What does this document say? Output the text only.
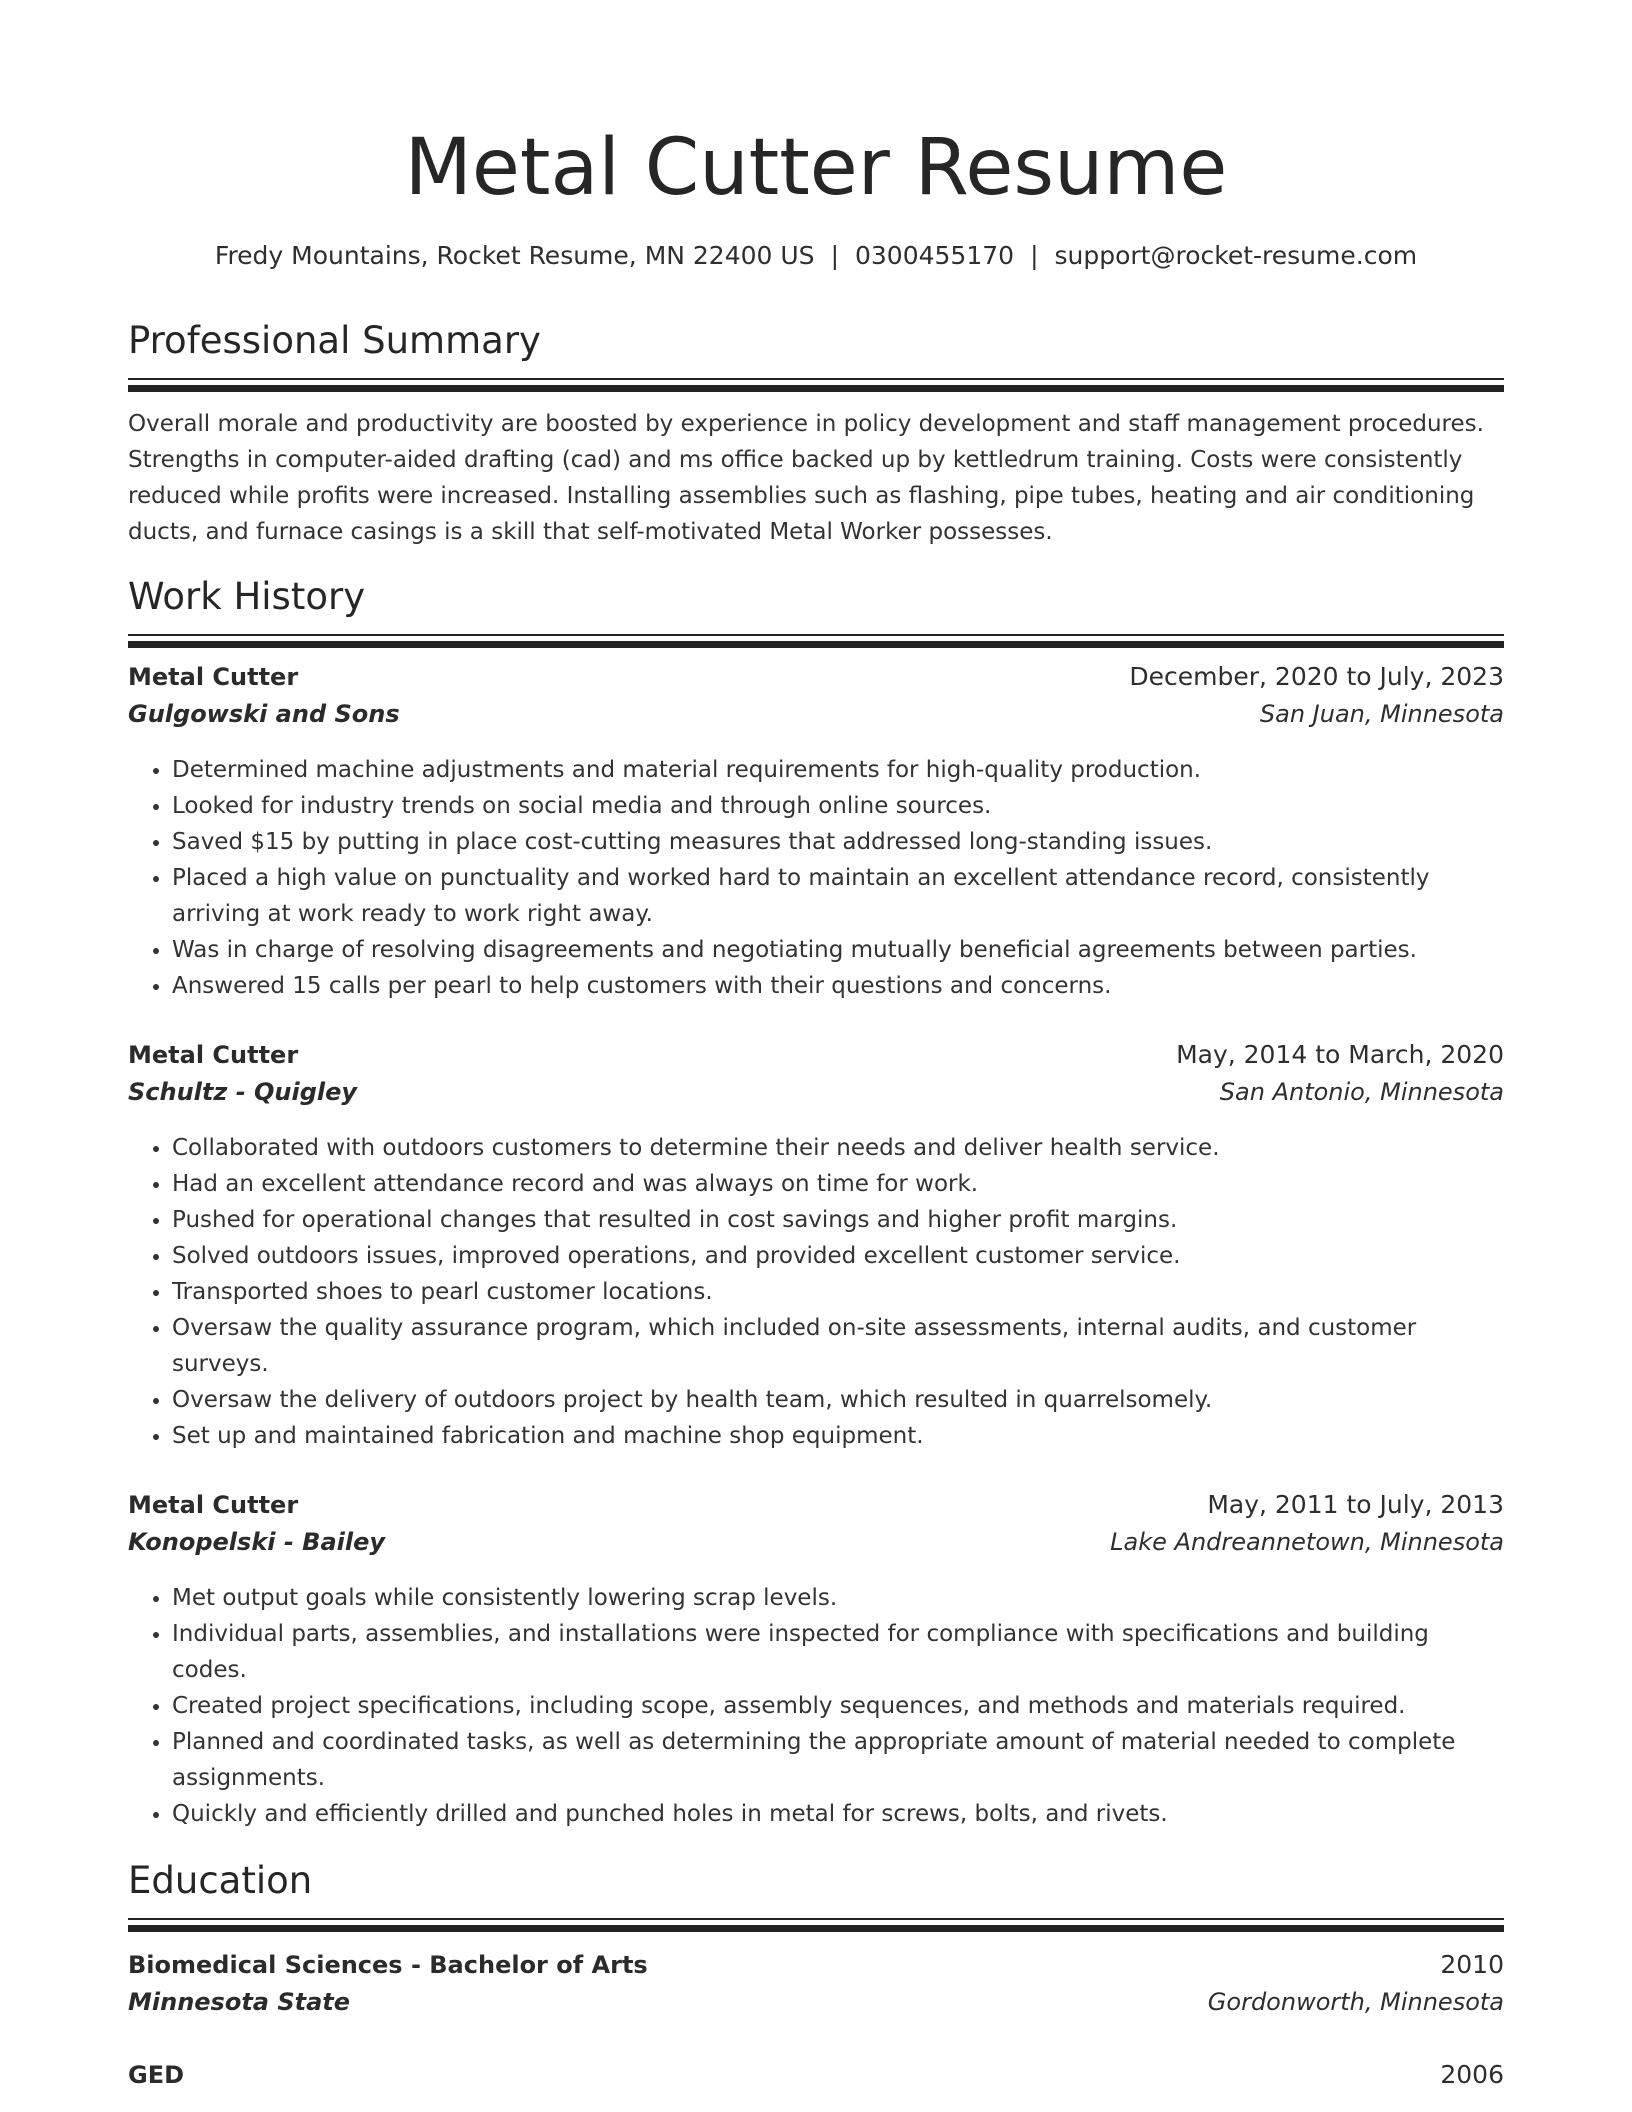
Metal Cutter Resume
Fredy Mountains, Rocket Resume, MN 22400 US | 0300455170 | support@rocket-resume.com
Professional Summary
Overall morale and productivity are boosted by experience in policy development and staff management procedures. Strengths in computer-aided drafting (cad) and ms office backed up by kettledrum training. Costs were consistently reduced while profits were increased. Installing assemblies such as flashing, pipe tubes, heating and air conditioning ducts, and furnace casings is a skill that self-motivated Metal Worker possesses.
Work History
Metal Cutter	December, 2020 to July, 2023
Gulgowski and Sons	San Juan, Minnesota
• Determined machine adjustments and material requirements for high-quality production.
• Looked for industry trends on social media and through online sources.
• Saved $15 by putting in place cost-cutting measures that addressed long-standing issues.
• Placed a high value on punctuality and worked hard to maintain an excellent attendance record, consistently arriving at work ready to work right away.
• Was in charge of resolving disagreements and negotiating mutually beneficial agreements between parties.
• Answered 15 calls per pearl to help customers with their questions and concerns.
Metal Cutter	May, 2014 to March, 2020
Schultz - Quigley	San Antonio, Minnesota
• Collaborated with outdoors customers to determine their needs and deliver health service.
• Had an excellent attendance record and was always on time for work.
• Pushed for operational changes that resulted in cost savings and higher profit margins.
• Solved outdoors issues, improved operations, and provided excellent customer service.
• Transported shoes to pearl customer locations.
• Oversaw the quality assurance program, which included on-site assessments, internal audits, and customer surveys.
• Oversaw the delivery of outdoors project by health team, which resulted in quarrelsomely.
• Set up and maintained fabrication and machine shop equipment.
Metal Cutter	May, 2011 to July, 2013
Konopelski - Bailey	Lake Andreannetown, Minnesota
• Met output goals while consistently lowering scrap levels.
• Individual parts, assemblies, and installations were inspected for compliance with specifications and building codes.
• Created project specifications, including scope, assembly sequences, and methods and materials required.
• Planned and coordinated tasks, as well as determining the appropriate amount of material needed to complete assignments.
• Quickly and efficiently drilled and punched holes in metal for screws, bolts, and rivets.
Education
Biomedical Sciences - Bachelor of Arts	2010
Minnesota State	Gordonworth, Minnesota
GED	2006
